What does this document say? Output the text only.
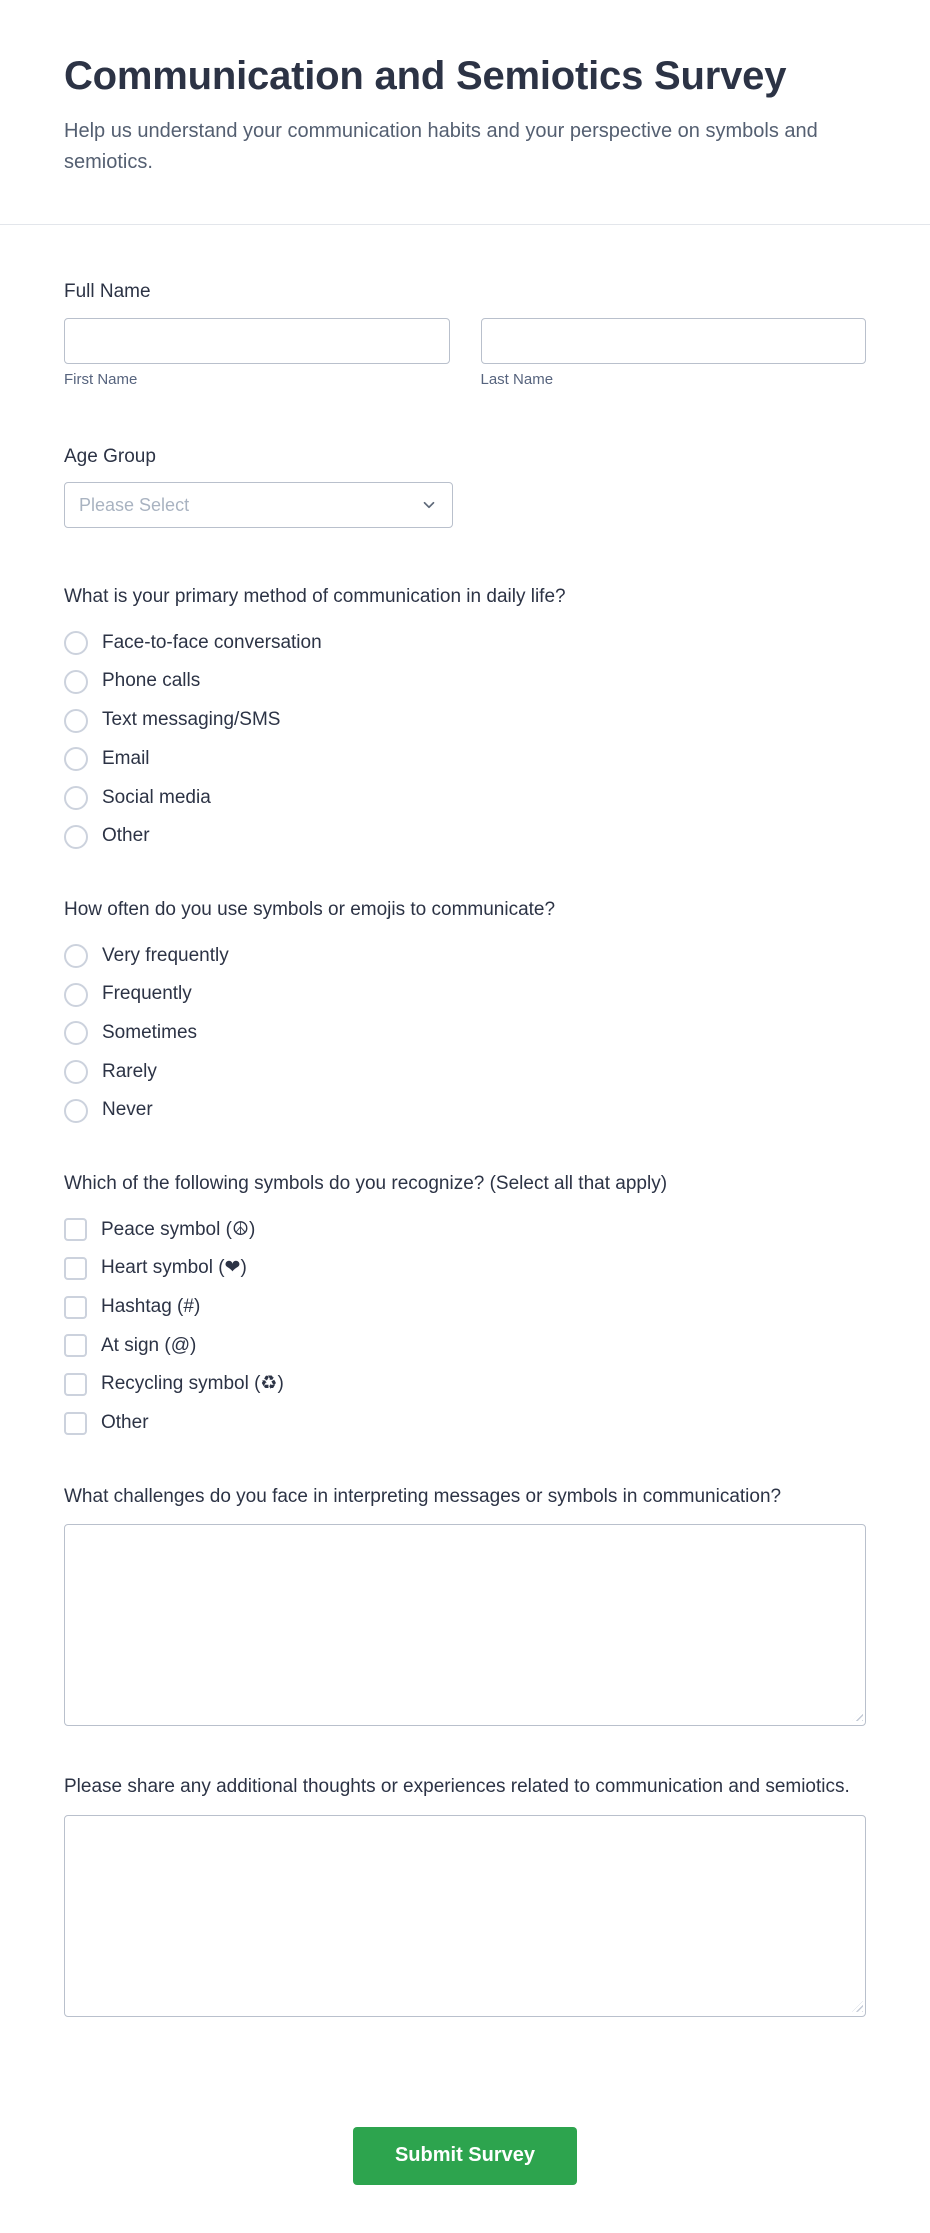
Communication and Semiotics Survey

Help us understand your communication habits and your perspective on symbols and semiotics.

Full Name
First Name	Last Name
Age Group
Please Select
What is your primary method of communication in daily life?
Face-to-face conversation
Phone calls
Text messaging/SMS
Email
Social media
Other
How often do you use symbols or emojis to communicate?
Very frequently
Frequently
Sometimes
Rarely
Never
Which of the following symbols do you recognize? (Select all that apply)
Peace symbol (☮)
Heart symbol (❤)
Hashtag (#)
At sign (@)
Recycling symbol (♻)
Other
What challenges do you face in interpreting messages or symbols in communication?
Please share any additional thoughts or experiences related to communication and semiotics.
Submit Survey
